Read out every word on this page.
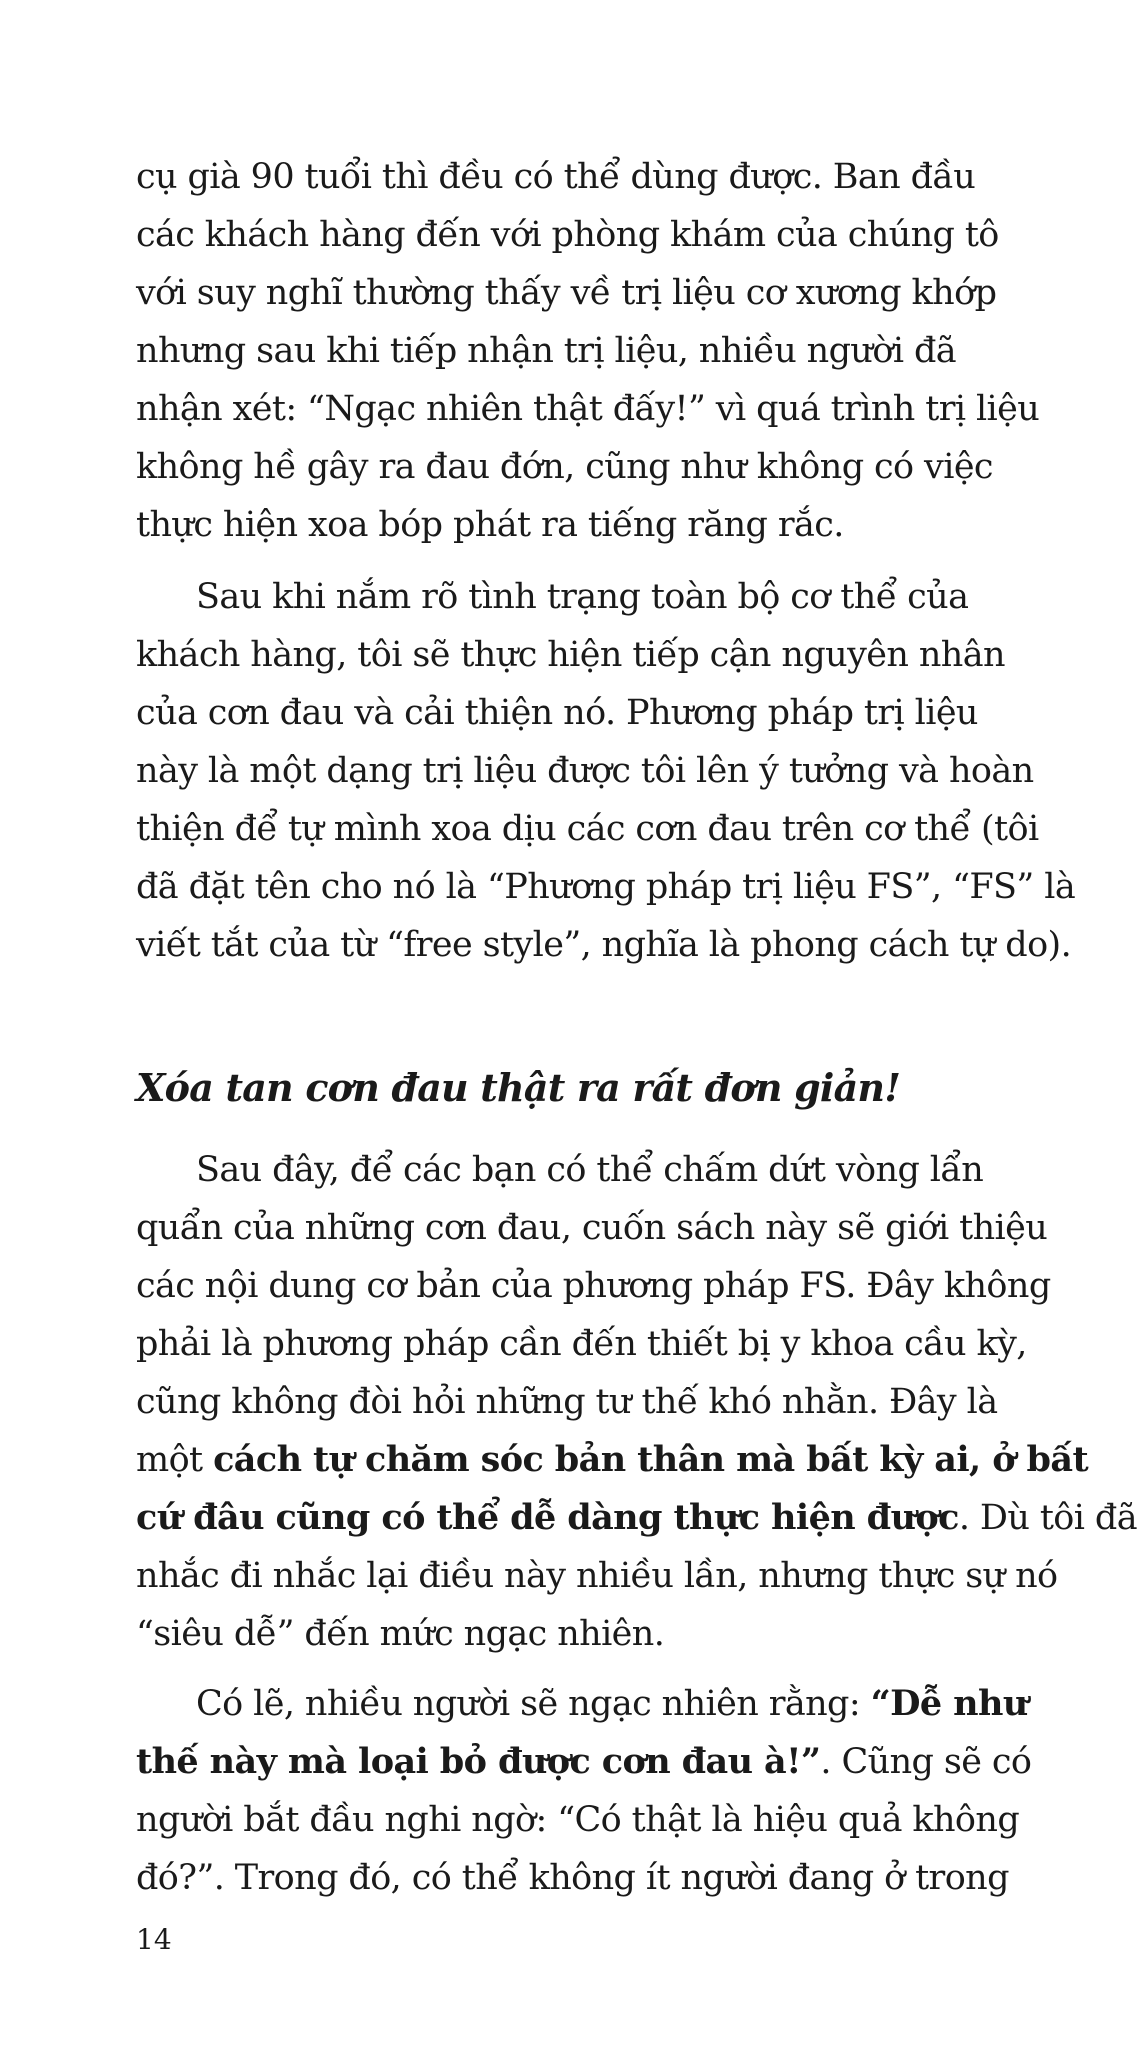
cụ già 90 tuổi thì đều có thể dùng được. Ban đầu
các khách hàng đến với phòng khám của chúng tô
với suy nghĩ thường thấy về trị liệu cơ xương khớp
nhưng sau khi tiếp nhận trị liệu, nhiều người đã
nhận xét: “Ngạc nhiên thật đấy!” vì quá trình trị liệu
không hề gây ra đau đớn, cũng như không có việc
thực hiện xoa bóp phát ra tiếng răng rắc.
Sau khi nắm rõ tình trạng toàn bộ cơ thể của
khách hàng, tôi sẽ thực hiện tiếp cận nguyên nhân
của cơn đau và cải thiện nó. Phương pháp trị liệu
này là một dạng trị liệu được tôi lên ý tưởng và hoàn
thiện để tự mình xoa dịu các cơn đau trên cơ thể (tôi
đã đặt tên cho nó là “Phương pháp trị liệu FS”, “FS” là
viết tắt của từ “free style”, nghĩa là phong cách tự do).
Xóa tan cơn đau thật ra rất đơn giản!
Sau đây, để các bạn có thể chấm dứt vòng lẩn
quẩn của những cơn đau, cuốn sách này sẽ giới thiệu
các nội dung cơ bản của phương pháp FS. Đây không
phải là phương pháp cần đến thiết bị y khoa cầu kỳ,
cũng không đòi hỏi những tư thế khó nhằn. Đây là
một cách tự chăm sóc bản thân mà bất kỳ ai, ở bất
cứ đâu cũng có thể dễ dàng thực hiện được. Dù tôi đã
nhắc đi nhắc lại điều này nhiều lần, nhưng thực sự nó
“siêu dễ” đến mức ngạc nhiên.
Có lẽ, nhiều người sẽ ngạc nhiên rằng: “Dễ như
thế này mà loại bỏ được cơn đau à!”. Cũng sẽ có
người bắt đầu nghi ngờ: “Có thật là hiệu quả không
đó?”. Trong đó, có thể không ít người đang ở trong
14
